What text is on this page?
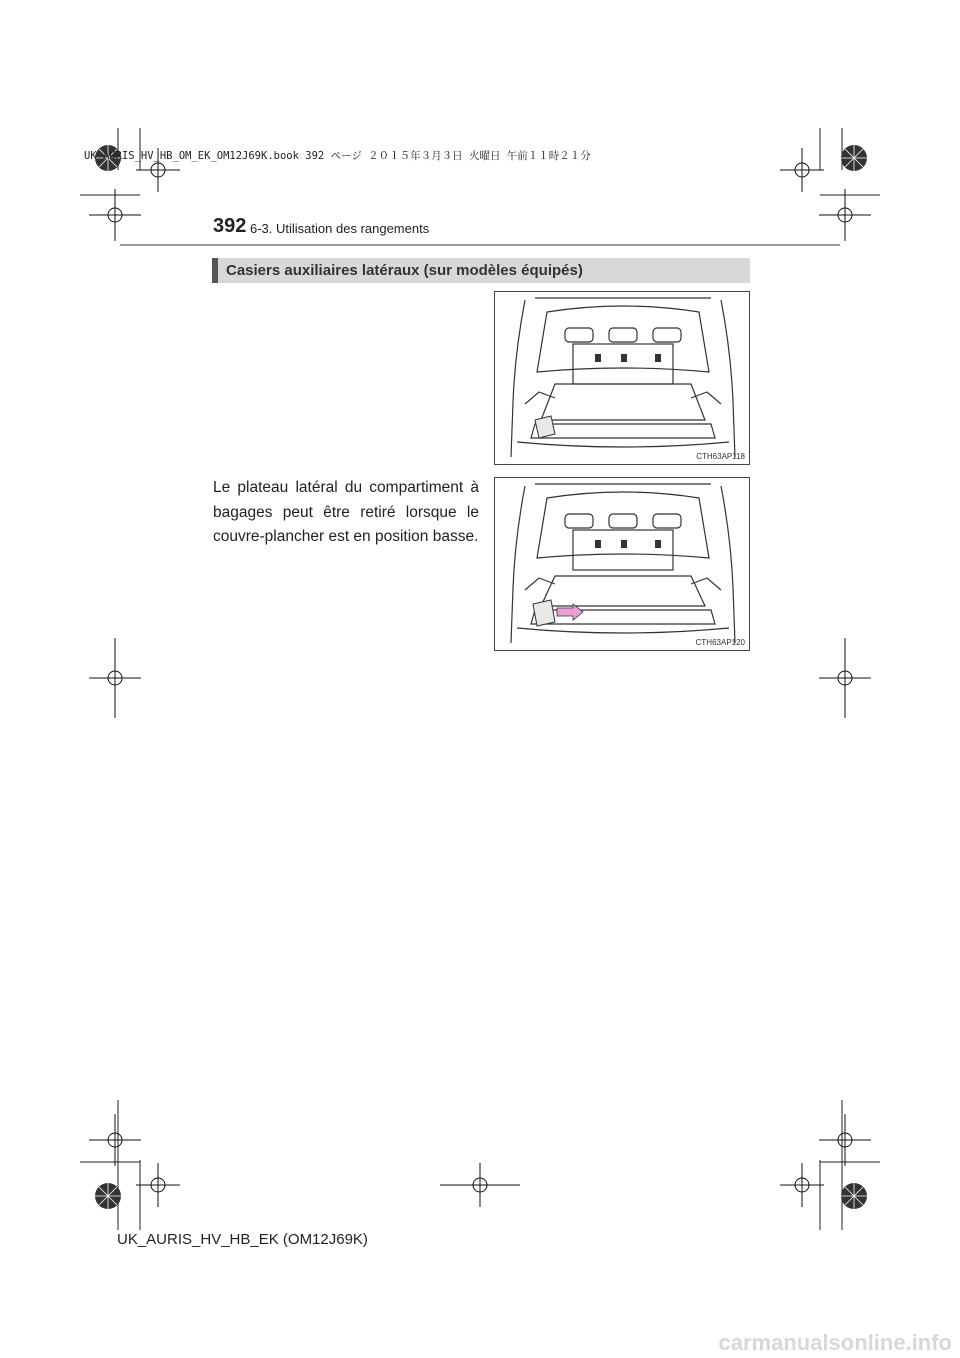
UK AURIS_HV_HB_OM_EK_OM12J69K.book 392 ページ ２０１５年３月３日 火曜日 午前１１時２１分
392 6-3. Utilisation des rangements
Casiers auxiliaires latéraux (sur modèles équipés)
CTH63AP118
CTH63AP120
Le plateau latéral du compartiment à bagages peut être retiré lorsque le couvre-plancher est en position basse.
UK_AURIS_HV_HB_EK (OM12J69K)
carmanualsonline.info
